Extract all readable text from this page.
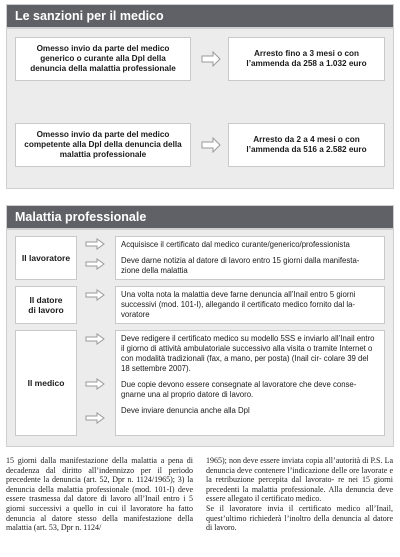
Le sanzioni per il medico
Omesso invio da parte del medico generico o curante alla Dpl della denuncia della malattia professionale
Arresto fino a 3 mesi o con l’ammenda da 258 a 1.032 euro
Omesso invio da parte del medico competente alla Dpl della denuncia della malattia professionale
Arresto da 2 a 4 mesi o con l’ammenda da 516 a 2.582 euro
Malattia professionale
Il lavoratore

Acquisisce il certificato dal medico curante/generico/professionista

Deve darne notizia al datore di lavoro entro 15 giorni dalla manifesta- zione della malattia

Il datore di lavoro

Una volta nota la malattia deve farne denuncia all’Inail entro 5 giorni successivi (mod. 101-I), allegando il certificato medico fornito dal la- voratore

Il medico

Deve redigere il certificato medico su modello 5SS e inviarlo all’Inail entro il giorno di attività ambulatoriale successivo alla visita o tramite Internet o con modalità tradizionali (fax, a mano, per posta) (Inail cir- colare 39 del 18 settembre 2007).

Due copie devono essere consegnate al lavoratore che deve conse- gnarne una al proprio datore di lavoro.

Deve inviare denuncia anche alla Dpl

15 giorni dalla manifestazione della malattia a pena di decadenza dal diritto all’indennizzo per il periodo precedente la denuncia (art. 52, Dpr n. 1124/1965); 3) la denuncia della malattia professionale (mod. 101-I) deve essere trasmessa dal datore di lavoro all’Inail entro i 5 giorni successivi a quello in cui il lavoratore ha fatto denuncia al datore stesso della manifestazione della malattia (art. 53, Dpr n. 1124/

1965); non deve essere inviata copia all’autorità di P.S. La denuncia deve contenere l’indicazione delle ore lavorate e la retribuzione percepita dal lavorato- re nei 15 giorni precedenti la malattia professionale. Alla denuncia deve essere allegato il certificato medico.

Se il lavoratore invia il certificato medico all’Inail, quest’ultimo richiederà l’inoltro della denuncia al datore di lavoro.
